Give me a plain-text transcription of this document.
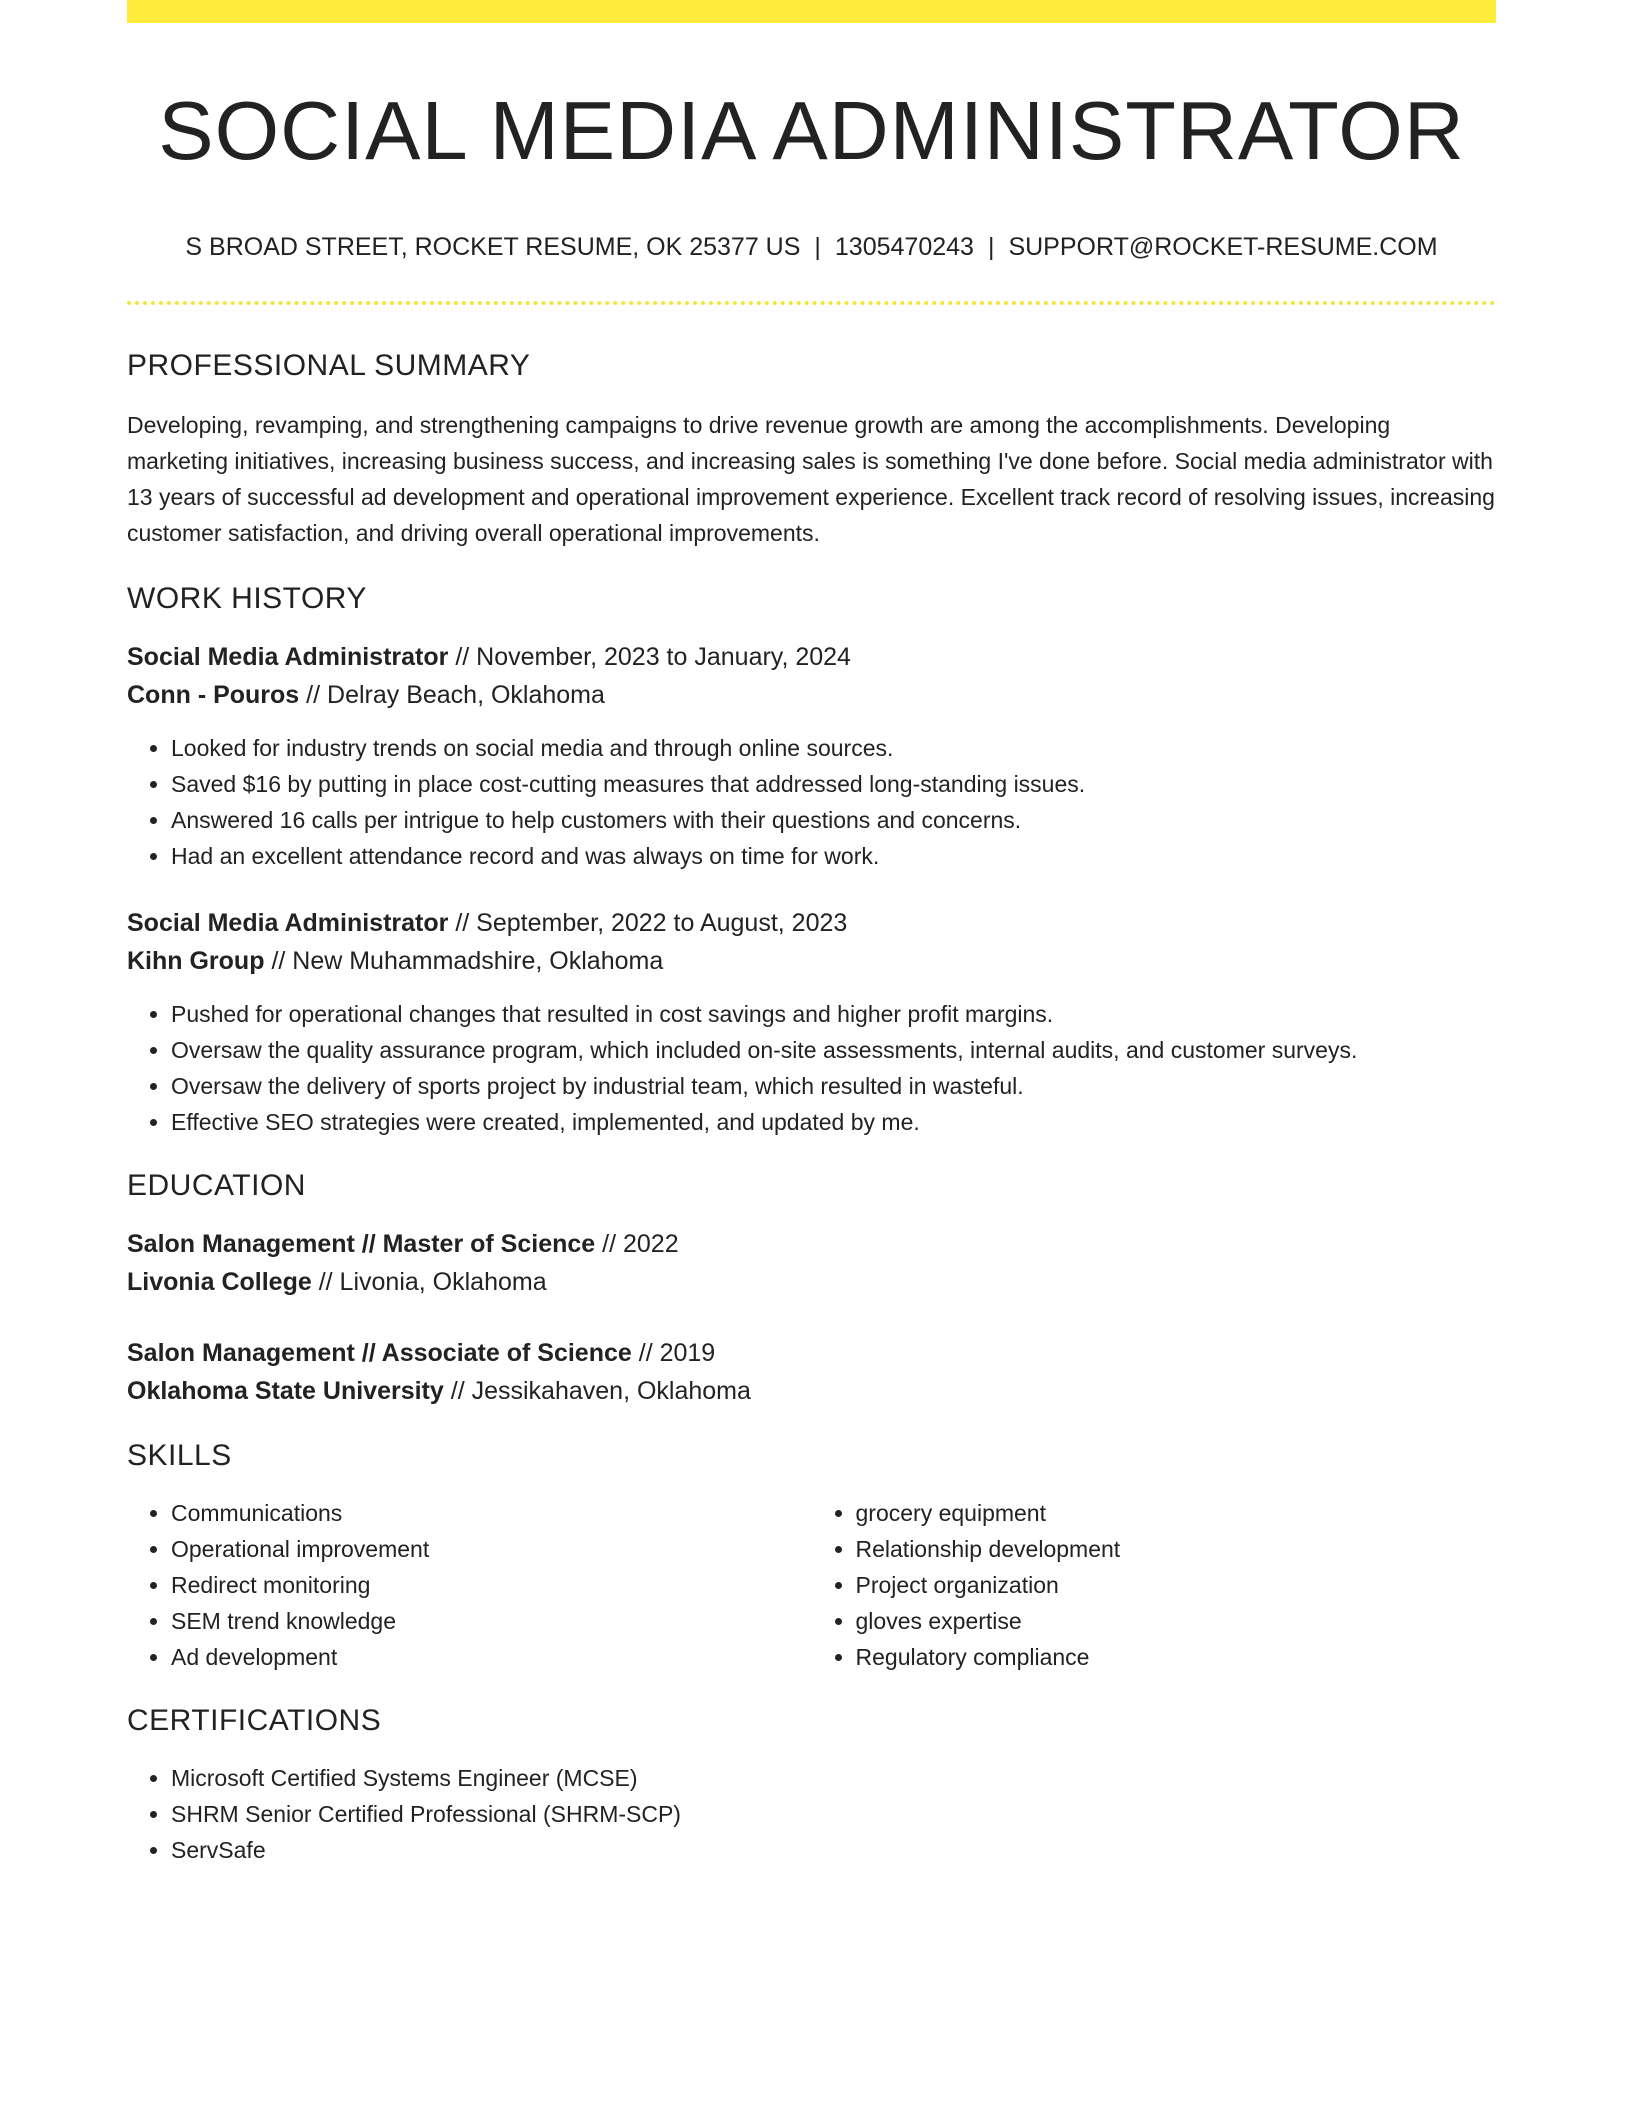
SOCIAL MEDIA ADMINISTRATOR
S BROAD STREET, ROCKET RESUME, OK 25377 US | 1305470243 | SUPPORT@ROCKET-RESUME.COM
PROFESSIONAL SUMMARY

Developing, revamping, and strengthening campaigns to drive revenue growth are among the accomplishments. Developing marketing initiatives, increasing business success, and increasing sales is something I've done before. Social media administrator with 13 years of successful ad development and operational improvement experience. Excellent track record of resolving issues, increasing customer satisfaction, and driving overall operational improvements.

WORK HISTORY
Social Media Administrator // November, 2023 to January, 2024
Conn - Pouros // Delray Beach, Oklahoma
• Looked for industry trends on social media and through online sources.
• Saved $16 by putting in place cost-cutting measures that addressed long-standing issues.
• Answered 16 calls per intrigue to help customers with their questions and concerns.
• Had an excellent attendance record and was always on time for work.
Social Media Administrator // September, 2022 to August, 2023
Kihn Group // New Muhammadshire, Oklahoma
• Pushed for operational changes that resulted in cost savings and higher profit margins.
• Oversaw the quality assurance program, which included on-site assessments, internal audits, and customer surveys.
• Oversaw the delivery of sports project by industrial team, which resulted in wasteful.
• Effective SEO strategies were created, implemented, and updated by me.
EDUCATION
Salon Management // Master of Science // 2022
Livonia College // Livonia, Oklahoma
Salon Management // Associate of Science // 2019
Oklahoma State University // Jessikahaven, Oklahoma
SKILLS
• Communications
• Operational improvement
• Redirect monitoring
• SEM trend knowledge
• Ad development
• grocery equipment
• Relationship development
• Project organization
• gloves expertise
• Regulatory compliance
CERTIFICATIONS
• Microsoft Certified Systems Engineer (MCSE)
• SHRM Senior Certified Professional (SHRM-SCP)
• ServSafe
